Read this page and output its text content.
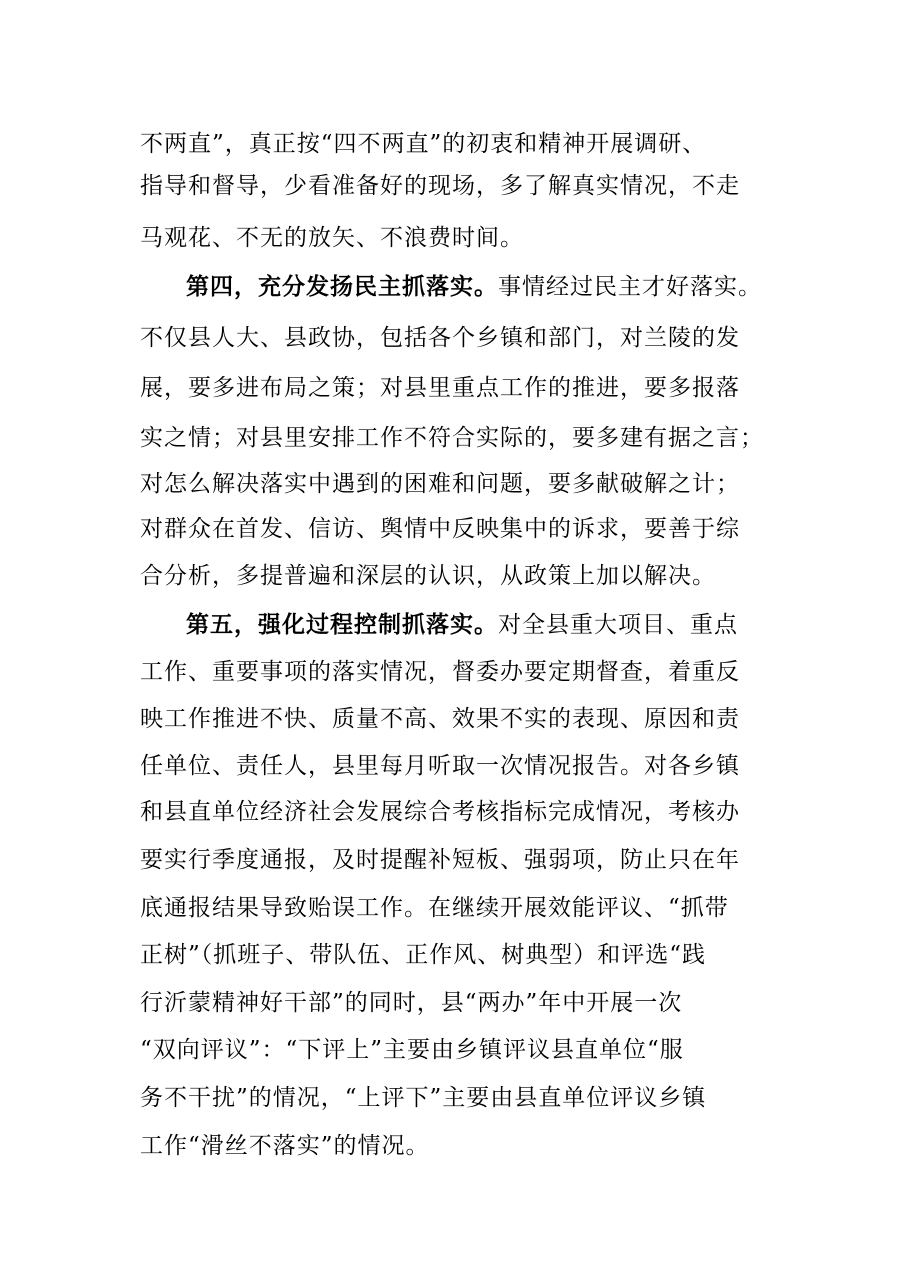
不两直”，真正按“四不两直”的初衷和精神开展调研、
指导和督导，少看准备好的现场，多了解真实情况，不走
马观花、不无的放矢、不浪费时间。
第四，充分发扬民主抓落实。事情经过民主才好落实。
不仅县人大、县政协，包括各个乡镇和部门，对兰陵的发
展，要多进布局之策；对县里重点工作的推进，要多报落
实之情；对县里安排工作不符合实际的，要多建有据之言；
对怎么解决落实中遇到的困难和问题，要多献破解之计；
对群众在首发、信访、舆情中反映集中的诉求，要善于综
合分析，多提普遍和深层的认识，从政策上加以解决。
第五，强化过程控制抓落实。对全县重大项目、重点
工作、重要事项的落实情况，督委办要定期督查，着重反
映工作推进不快、质量不高、效果不实的表现、原因和责
任单位、责任人，县里每月听取一次情况报告。对各乡镇
和县直单位经济社会发展综合考核指标完成情况，考核办
要实行季度通报，及时提醒补短板、强弱项，防止只在年
底通报结果导致贻误工作。在继续开展效能评议、“抓带
正树”（抓班子、带队伍、正作风、树典型）和评选“践
行沂蒙精神好干部”的同时，县“两办”年中开展一次
“双向评议”：“下评上”主要由乡镇评议县直单位“服
务不干扰”的情况，“上评下”主要由县直单位评议乡镇
工作“滑丝不落实”的情况。
